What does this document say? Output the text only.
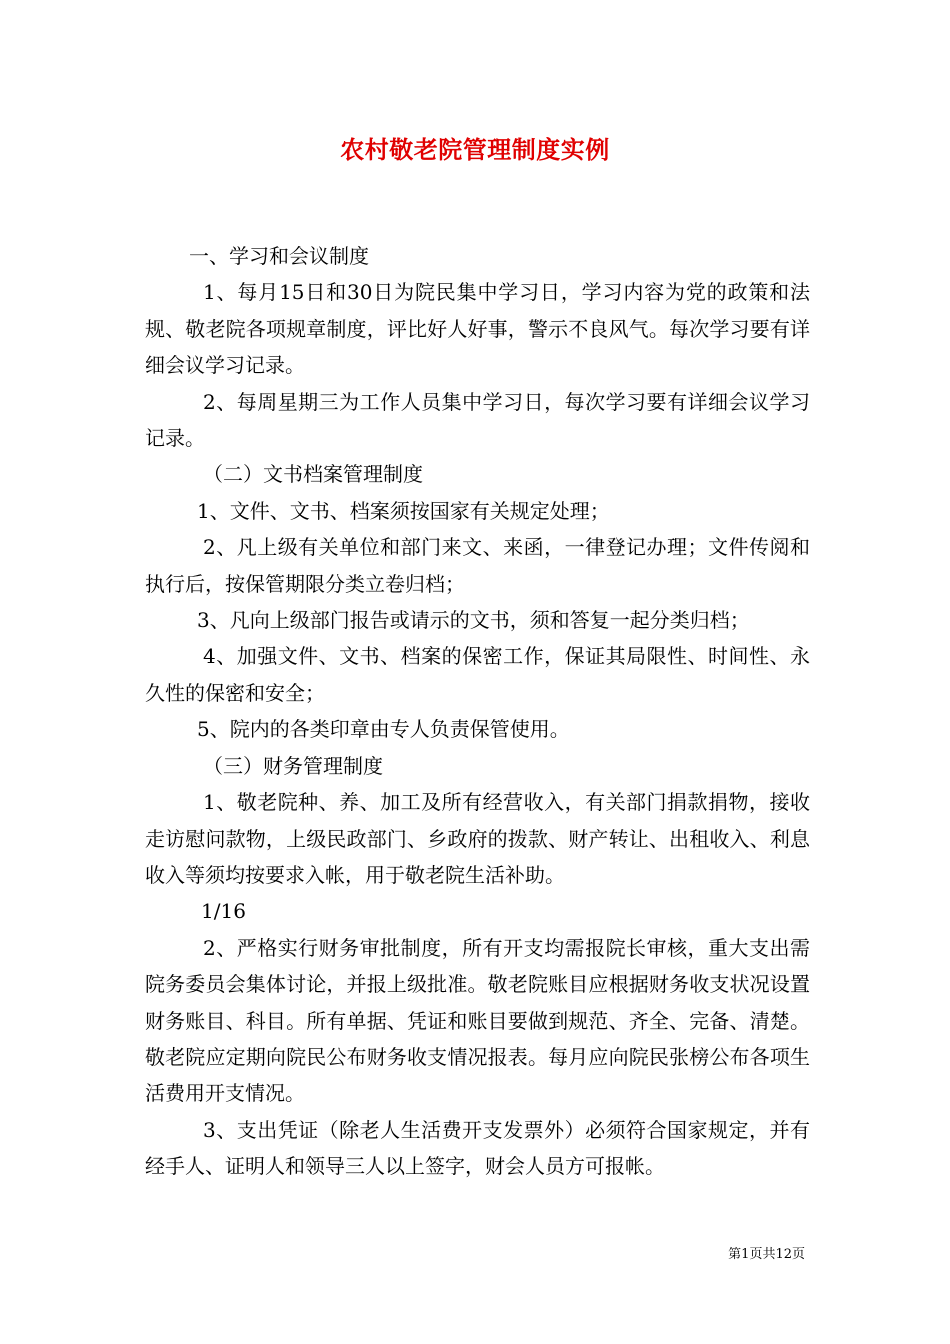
农村敬老院管理制度实例
一、学习和会议制度
1、每月15日和30日为院民集中学习日，学习内容为党的政策和法规、敬老院各项规章制度，评比好人好事，警示不良风气。每次学习要有详细会议学习记录。
2、每周星期三为工作人员集中学习日，每次学习要有详细会议学习记录。
（二）文书档案管理制度
1、文件、文书、档案须按国家有关规定处理；
2、凡上级有关单位和部门来文、来函，一律登记办理；文件传阅和执行后，按保管期限分类立卷归档；
3、凡向上级部门报告或请示的文书，须和答复一起分类归档；
4、加强文件、文书、档案的保密工作，保证其局限性、时间性、永久性的保密和安全；
5、院内的各类印章由专人负责保管使用。
（三）财务管理制度
1、敬老院种、养、加工及所有经营收入，有关部门捐款捐物，接收走访慰问款物，上级民政部门、乡政府的拨款、财产转让、出租收入、利息收入等须均按要求入帐，用于敬老院生活补助。
1/16
2、严格实行财务审批制度，所有开支均需报院长审核，重大支出需院务委员会集体讨论，并报上级批准。敬老院账目应根据财务收支状况设置财务账目、科目。所有单据、凭证和账目要做到规范、齐全、完备、清楚。敬老院应定期向院民公布财务收支情况报表。每月应向院民张榜公布各项生活费用开支情况。
3、支出凭证（除老人生活费开支发票外）必须符合国家规定，并有经手人、证明人和领导三人以上签字，财会人员方可报帐。
第1页共12页
